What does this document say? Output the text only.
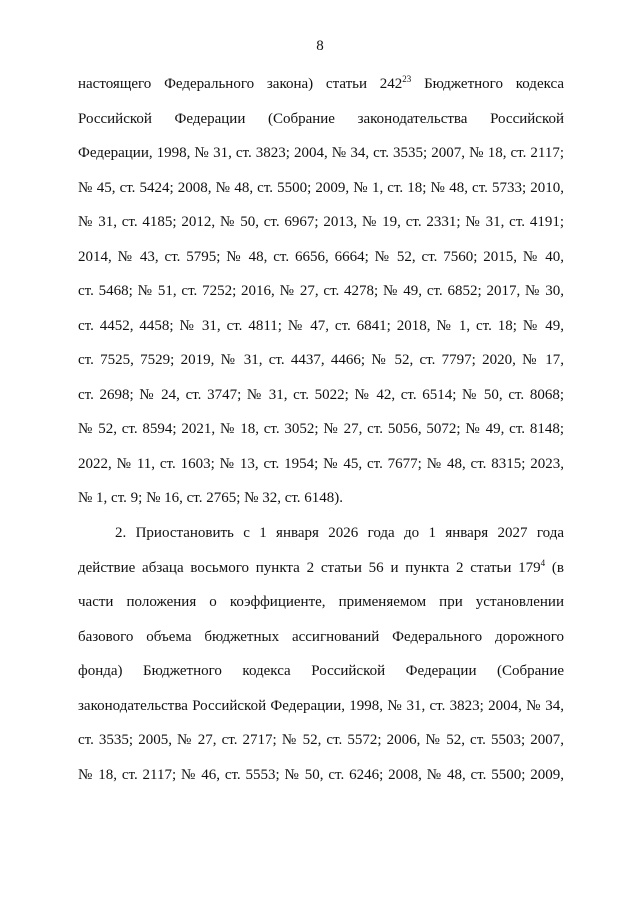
8
настоящего Федерального закона) статьи $242^{23}$ Бюджетного кодекса
Российской Федерации (Собрание законодательства Российской
Федерации, 1998, № 31, ст. 3823; 2004, № 34, ст. 3535; 2007, № 18, ст. 2117;
№ 45, ст. 5424; 2008, № 48, ст. 5500; 2009, № 1, ст. 18; № 48, ст. 5733; 2010,
№ 31, ст. 4185; 2012, № 50, ст. 6967; 2013, № 19, ст. 2331; № 31, ст. 4191;
2014, № 43, ст. 5795; № 48, ст. 6656, 6664; № 52, ст. 7560; 2015, № 40,
ст. 5468; № 51, ст. 7252; 2016, № 27, ст. 4278; № 49, ст. 6852; 2017, № 30,
ст. 4452, 4458; № 31, ст. 4811; № 47, ст. 6841; 2018, № 1, ст. 18; № 49,
ст. 7525, 7529; 2019, № 31, ст. 4437, 4466; № 52, ст. 7797; 2020, № 17,
ст. 2698; № 24, ст. 3747; № 31, ст. 5022; № 42, ст. 6514; № 50, ст. 8068;
№ 52, ст. 8594; 2021, № 18, ст. 3052; № 27, ст. 5056, 5072; № 49, ст. 8148;
2022, № 11, ст. 1603; № 13, ст. 1954; № 45, ст. 7677; № 48, ст. 8315; 2023,
№ 1, ст. 9; № 16, ст. 2765; № 32, ст. 6148).
2. Приостановить с 1 января 2026 года до 1 января 2027 года
действие абзаца восьмого пункта 2 статьи 56 и пункта 2 статьи $179^4$ (в
части положения о коэффициенте, применяемом при установлении
базового объема бюджетных ассигнований Федерального дорожного
фонда) Бюджетного кодекса Российской Федерации (Собрание
законодательства Российской Федерации, 1998, № 31, ст. 3823; 2004, № 34,
ст. 3535; 2005, № 27, ст. 2717; № 52, ст. 5572; 2006, № 52, ст. 5503; 2007,
№ 18, ст. 2117; № 46, ст. 5553; № 50, ст. 6246; 2008, № 48, ст. 5500; 2009,
